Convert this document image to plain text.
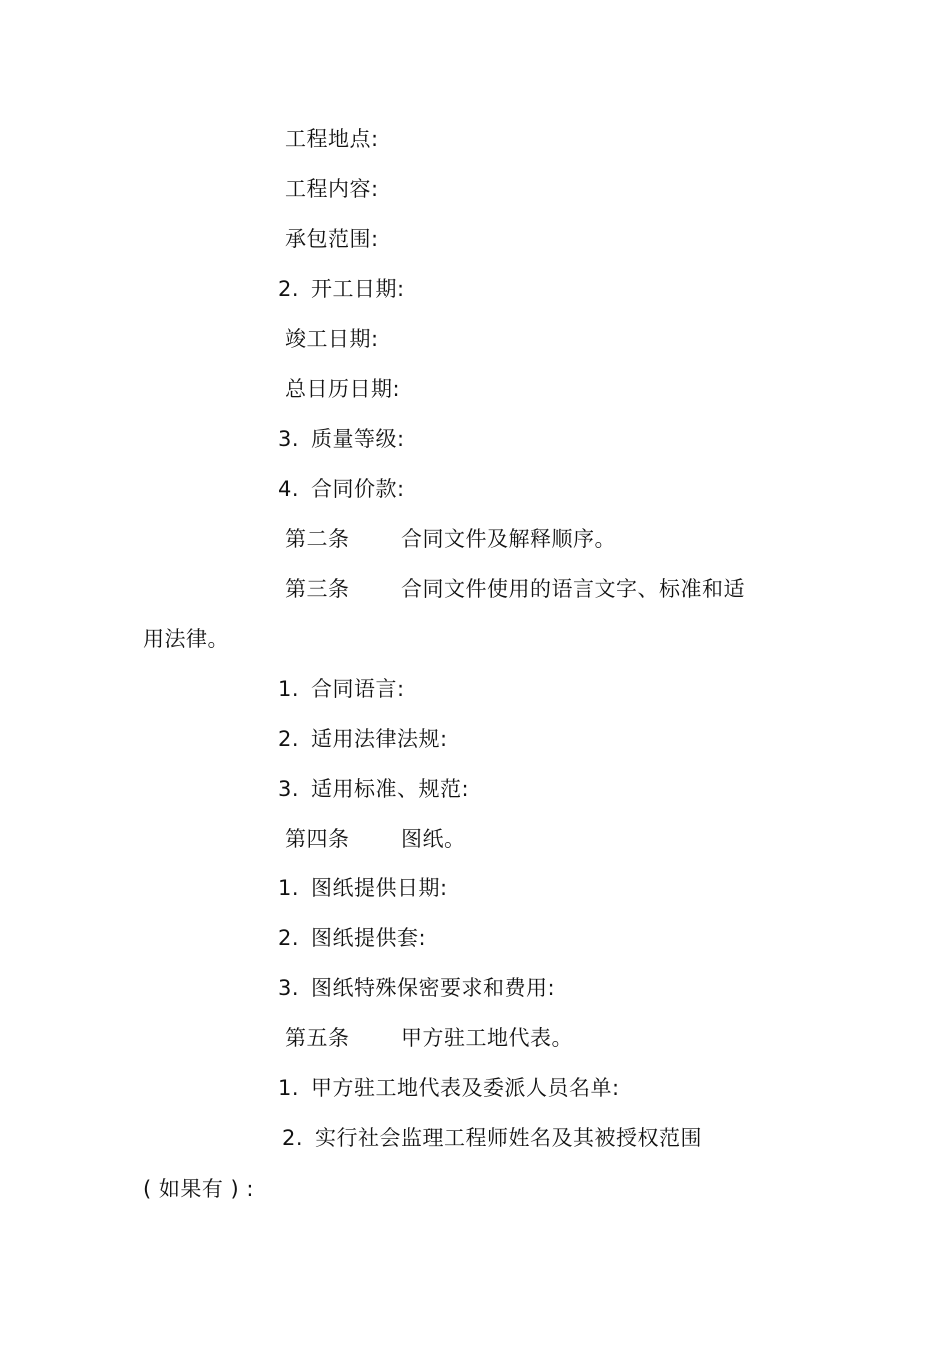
工程地点:
工程内容:
承包范围:
2. 开工日期:
竣工日期:
总日历日期:
3. 质量等级:
4. 合同价款:
第二条 合同文件及解释顺序。
第三条 合同文件使用的语言文字、标准和适
用法律。
1. 合同语言:
2. 适用法律法规:
3. 适用标准、规范:
第四条 图纸。
1. 图纸提供日期:
2. 图纸提供套:
3. 图纸特殊保密要求和费用:
第五条 甲方驻工地代表。
1. 甲方驻工地代表及委派人员名单:
2. 实行社会监理工程师姓名及其被授权范围
( 如果有 ) :
